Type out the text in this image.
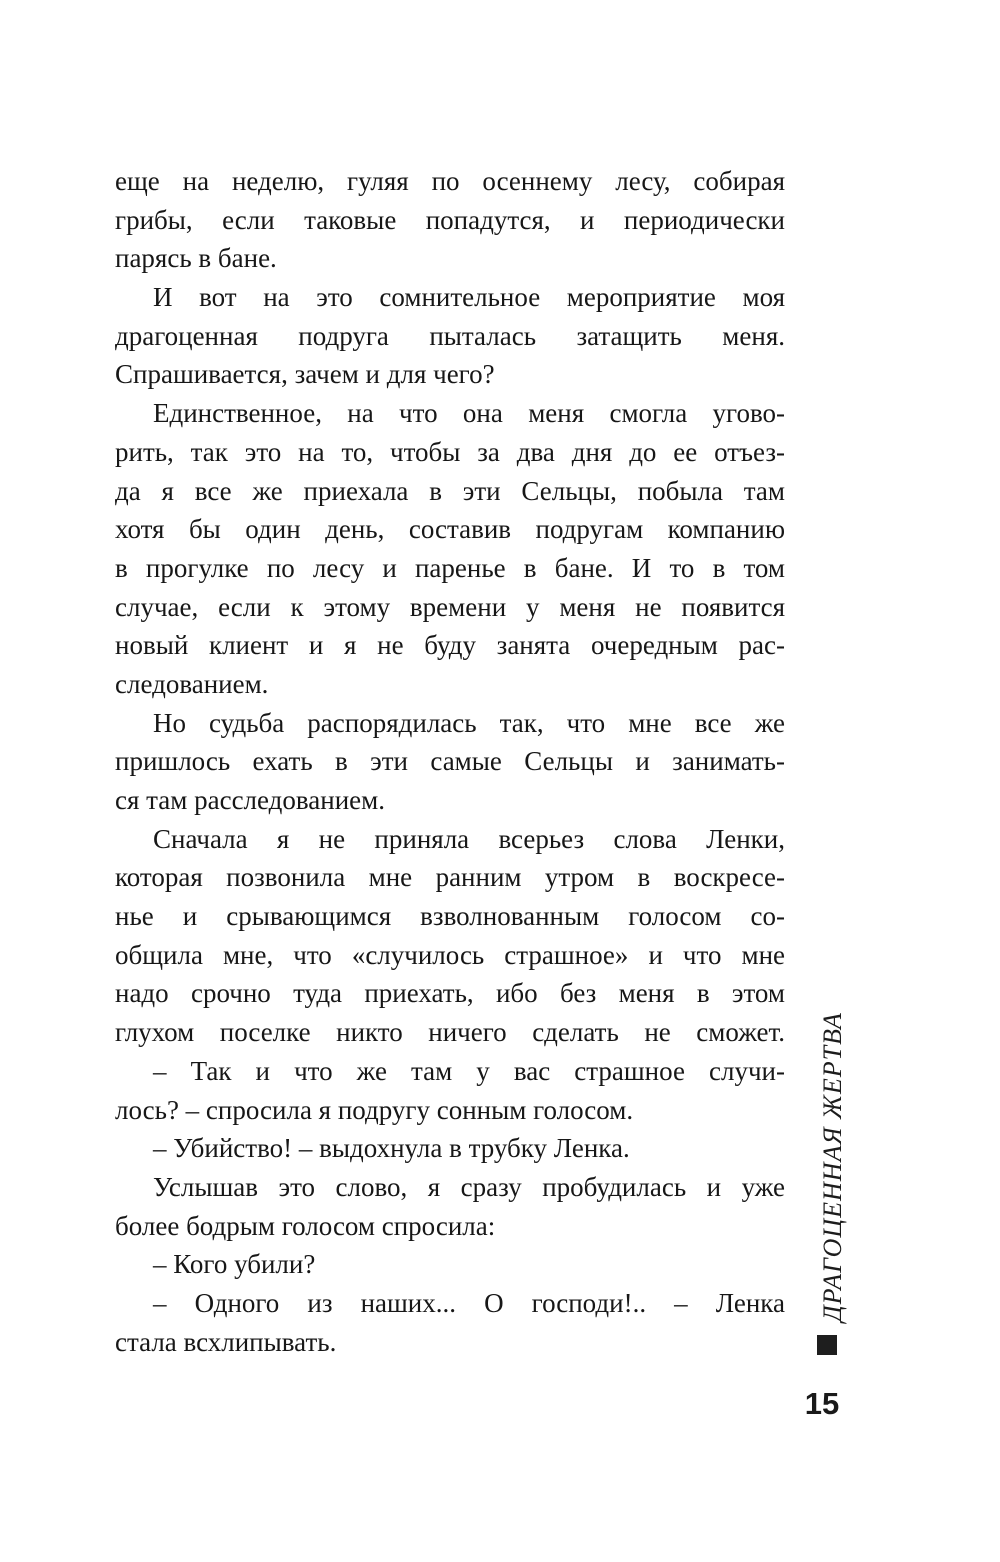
еще на неделю, гуляя по осеннему лесу, собирая
грибы, если таковые попадутся, и периодически
парясь в бане.
И вот на это сомнительное мероприятие моя
драгоценная подруга пыталась затащить меня.
Спрашивается, зачем и для чего?
Единственное, на что она меня смогла угово-
рить, так это на то, чтобы за два дня до ее отъез-
да я все же приехала в эти Сельцы, побыла там
хотя бы один день, составив подругам компанию
в прогулке по лесу и паренье в бане. И то в том
случае, если к этому времени у меня не появится
новый клиент и я не буду занята очередным рас-
следованием.
Но судьба распорядилась так, что мне все же
пришлось ехать в эти самые Сельцы и занимать-
ся там расследованием.
Сначала я не приняла всерьез слова Ленки,
которая позвонила мне ранним утром в воскресе-
нье и срывающимся взволнованным голосом со-
общила мне, что «случилось страшное» и что мне
надо срочно туда приехать, ибо без меня в этом
глухом поселке никто ничего сделать не сможет.
– Так и что же там у вас страшное случи-
лось? – спросила я подругу сонным голосом.
– Убийство! – выдохнула в трубку Ленка.
Услышав это слово, я сразу пробудилась и уже
более бодрым голосом спросила:
– Кого убили?
– Одного из наших... О господи!.. – Ленка
стала всхлипывать.
ДРАГОЦЕННАЯ ЖЕРТВА
15
